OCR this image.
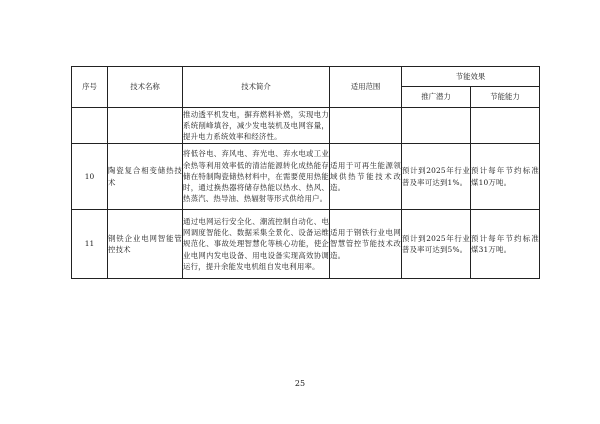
序号	技术名称	技术简介	适用范围	节能效果	
				推广潜力	节能能力
		推动透平机发电，摒弃燃料补燃，实现电力系统削峰填谷，减少发电装机及电网容量，提升电力系统效率和经济性。			
10	陶瓷复合相变储热技术	将低谷电、弃风电、弃光电、弃水电或工业余热等利用效率低的清洁能源转化成热能存储在特制陶瓷储热材料中，在需要使用热能时，通过换热器将储存热能以热水、热风、热蒸汽、热导油、热辐射等形式供给用户。	适用于可再生能源领域供热节能技术改造。	预计到2025年行业普及率可达到1%。	预计每年节约标准煤10万吨。
11	钢铁企业电网智能管控技术	通过电网运行安全化、潮流控制自动化、电网调度智能化、数据采集全景化、设备运维规范化、事故处理智慧化等核心功能，使企业电网内发电设备、用电设备实现高效协调运行，提升余能发电机组自发电利用率。	适用于钢铁行业电网智慧管控节能技术改造。	预计到2025年行业普及率可达到5%。	预计每年节约标准煤31万吨。
25
